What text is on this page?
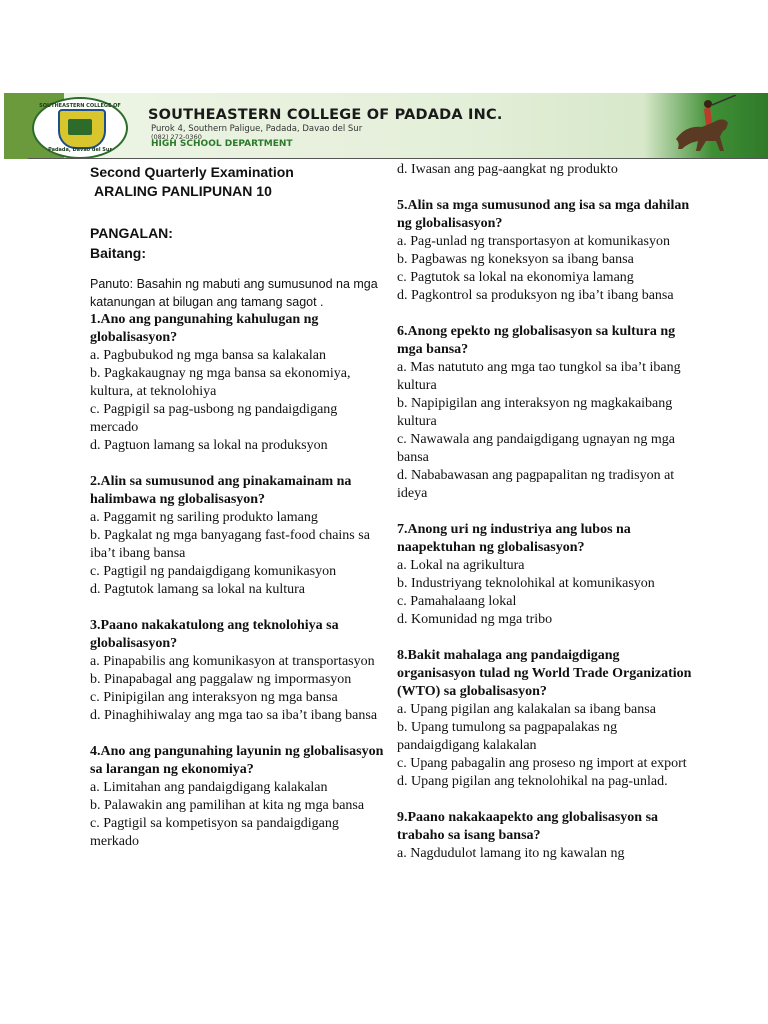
SOUTHEASTERN COLLEGE OF
Padada, Davao del Sur
SOUTHEASTERN COLLEGE OF PADADA INC.
Purok 4, Southern Paligue, Padada, Davao del Sur
(082) 272-0360
HIGH SCHOOL DEPARTMENT
Second Quarterly Examination
ARALING PANLIPUNAN 10
PANGALAN:
Baitang:
Panuto: Basahin ng mabuti ang sumusunod na mga katanungan at bilugan ang tamang sagot .
1.Ano ang pangunahing kahulugan ng globalisasyon?
a. Pagbubukod ng mga bansa sa kalakalan
b. Pagkakaugnay ng mga bansa sa ekonomiya, kultura, at teknolohiya
c. Pagpigil sa pag-usbong ng pandaigdigang mercado
d. Pagtuon lamang sa lokal na produksyon
2.Alin sa sumusunod ang pinakamainam na halimbawa ng globalisasyon?
a. Paggamit ng sariling produkto lamang
b. Pagkalat ng mga banyagang fast-food chains sa iba’t ibang bansa
c. Pagtigil ng pandaigdigang komunikasyon
d. Pagtutok lamang sa lokal na kultura
3.Paano nakakatulong ang teknolohiya sa globalisasyon?
a. Pinapabilis ang komunikasyon at transportasyon
b. Pinapabagal ang paggalaw ng impormasyon
c. Pinipigilan ang interaksyon ng mga bansa
d. Pinaghihiwalay ang mga tao sa iba’t ibang bansa
4.Ano ang pangunahing layunin ng globalisasyon sa larangan ng ekonomiya?
a. Limitahan ang pandaigdigang kalakalan
b. Palawakin ang pamilihan at kita ng mga bansa
c. Pagtigil sa kompetisyon sa pandaigdigang merkado
d. Iwasan ang pag-aangkat ng produkto
5.Alin sa mga sumusunod ang isa sa mga dahilan ng globalisasyon?
a. Pag-unlad ng transportasyon at komunikasyon
b. Pagbawas ng koneksyon sa ibang bansa
c. Pagtutok sa lokal na ekonomiya lamang
d. Pagkontrol sa produksyon ng iba’t ibang bansa
6.Anong epekto ng globalisasyon sa kultura ng mga bansa?
a. Mas natututo ang mga tao tungkol sa iba’t ibang kultura
b. Napipigilan ang interaksyon ng magkakaibang kultura
c. Nawawala ang pandaigdigang ugnayan ng mga bansa
d. Nababawasan ang pagpapalitan ng tradisyon at ideya
7.Anong uri ng industriya ang lubos na naapektuhan ng globalisasyon?
a. Lokal na agrikultura
b. Industriyang teknolohikal at komunikasyon
c. Pamahalaang lokal
d. Komunidad ng mga tribo
8.Bakit mahalaga ang pandaigdigang organisasyon tulad ng World Trade Organization (WTO) sa globalisasyon?
a. Upang pigilan ang kalakalan sa ibang bansa
b. Upang tumulong sa pagpapalakas ng pandaigdigang kalakalan
c. Upang pabagalin ang proseso ng import at export
d. Upang pigilan ang teknolohikal na pag-unlad.
9.Paano nakakaapekto ang globalisasyon sa trabaho sa isang bansa?
a. Nagdudulot lamang ito ng kawalan ng
